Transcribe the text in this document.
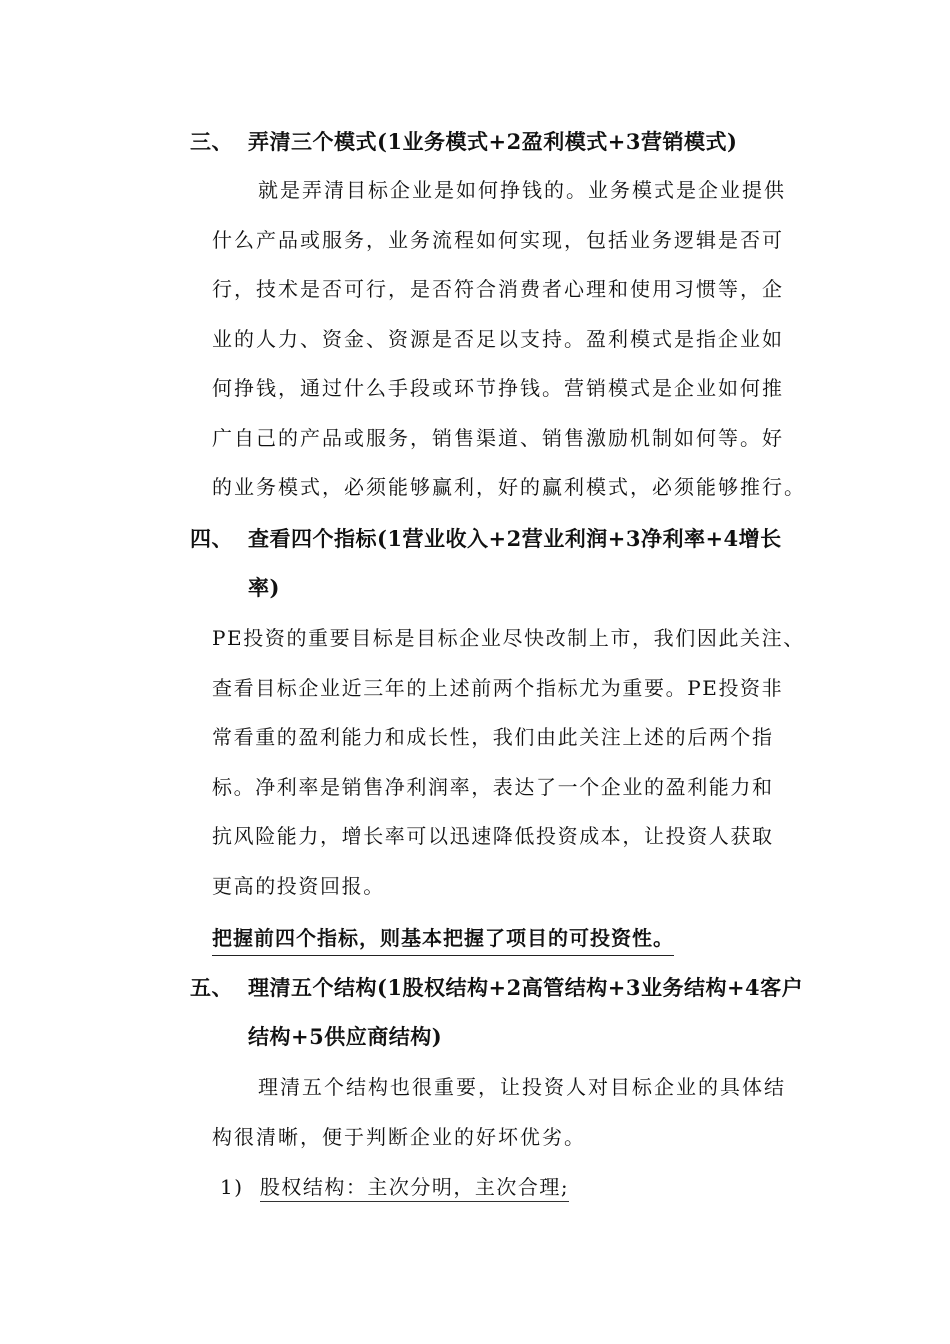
三、 弄清三个模式(1业务模式+2盈利模式+3营销模式)
就是弄清目标企业是如何挣钱的。业务模式是企业提供
什么产品或服务，业务流程如何实现，包括业务逻辑是否可
行，技术是否可行，是否符合消费者心理和使用习惯等，企
业的人力、资金、资源是否足以支持。盈利模式是指企业如
何挣钱，通过什么手段或环节挣钱。营销模式是企业如何推
广自己的产品或服务，销售渠道、销售激励机制如何等。好
的业务模式，必须能够赢利，好的赢利模式，必须能够推行。
四、 查看四个指标(1营业收入+2营业利润+3净利率+4增长
率)
PE投资的重要目标是目标企业尽快改制上市，我们因此关注、
查看目标企业近三年的上述前两个指标尤为重要。PE投资非
常看重的盈利能力和成长性，我们由此关注上述的后两个指
标。净利率是销售净利润率，表达了一个企业的盈利能力和
抗风险能力，增长率可以迅速降低投资成本，让投资人获取
更高的投资回报。
把握前四个指标，则基本把握了项目的可投资性。
五、 理清五个结构(1股权结构+2高管结构+3业务结构+4客户
结构+5供应商结构)
理清五个结构也很重要，让投资人对目标企业的具体结
构很清晰，便于判断企业的好坏优劣。
1) 股权结构：主次分明，主次合理;
